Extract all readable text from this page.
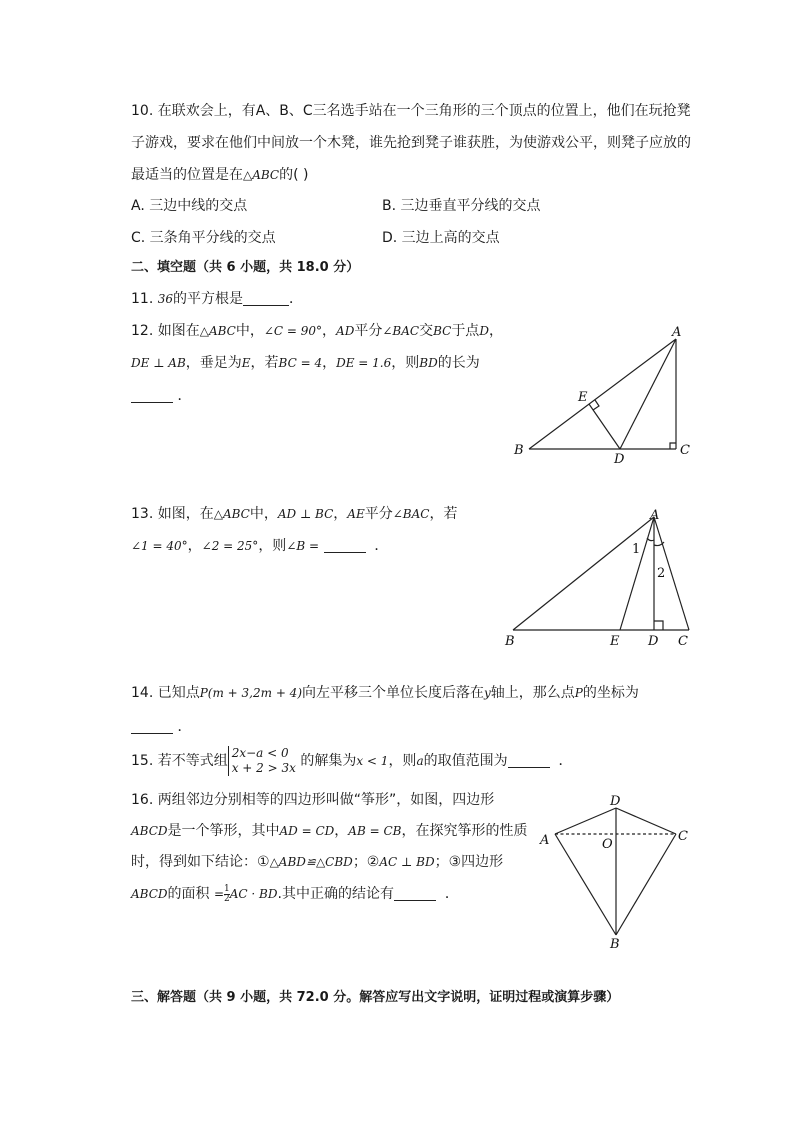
10. 在联欢会上，有A、B、C三名选手站在一个三角形的三个顶点的位置上，他们在玩抢凳
子游戏，要求在他们中间放一个木凳，谁先抢到凳子谁获胜，为使游戏公平，则凳子应放的
最适当的位置是在△ABC的( )
A. 三边中线的交点	B. 三边垂直平分线的交点
C. 三条角平分线的交点	D. 三边上高的交点
二、填空题（共 6 小题，共 18.0 分）
11. 36的平方根是	．
12. 如图在△ABC中，∠C = 90°，AD平分∠BAC交BC于点D，
DE ⊥ AB，垂足为E，若BC = 4，DE = 1.6，则BD的长为
．
A
B	C
D
E
13. 如图，在△ABC中，AD ⊥ BC，AE平分∠BAC，若
∠1 = 40°，∠2 = 25°，则∠B =	．
A
B	C
D
E
1
2
14. 已知点P(m + 3,2m + 4)向左平移三个单位长度后落在y轴上，那么点P的坐标为
．
15. 若不等式组 2x−a < 0
x + 2 > 3x 的解集为x < 1，则a的取值范围为	．
16. 两组邻边分别相等的四边形叫做“筝形”，如图，四边形
ABCD是一个筝形，其中AD = CD，AB = CB，在探究筝形的性质
时，得到如下结论：①△ABD≌△CBD；②AC ⊥ BD；③四边形
ABCD的面积 = $\frac{1}{2}$ AC · BD.其中正确的结论有	．
A
B
C
D
O
三、解答题（共 9 小题，共 72.0 分。解答应写出文字说明，证明过程或演算步骤）
